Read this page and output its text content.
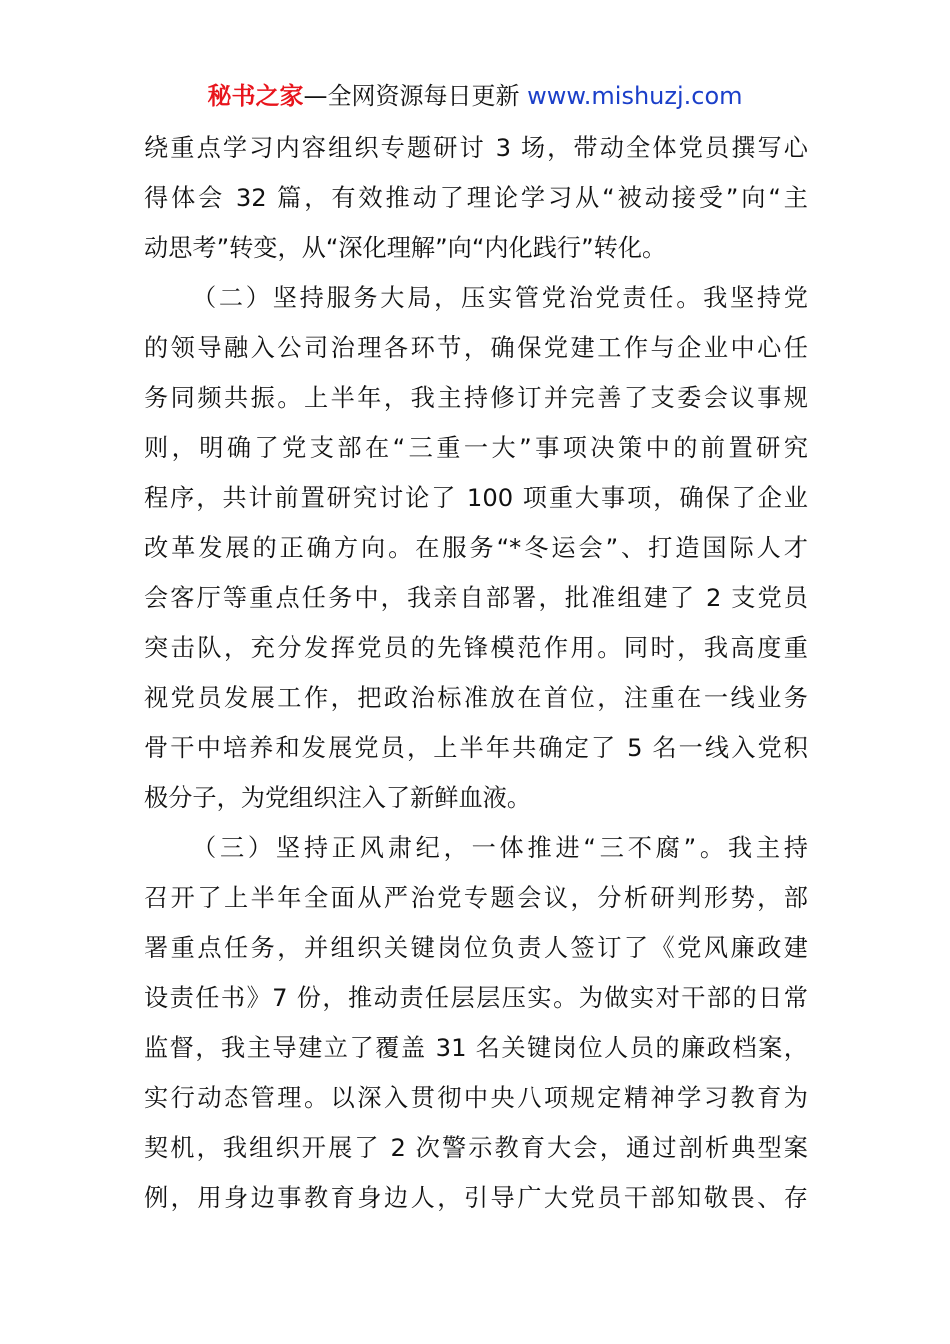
秘书之家—全网资源每日更新 www.mishuzj.com
绕重点学习内容组织专题研讨 3 场，带动全体党员撰写心
得体会 32 篇，有效推动了理论学习从“被动接受”向“主
动思考”转变，从“深化理解”向“内化践行”转化。
（二）坚持服务大局，压实管党治党责任。我坚持党
的领导融入公司治理各环节，确保党建工作与企业中心任
务同频共振。上半年，我主持修订并完善了支委会议事规
则，明确了党支部在“三重一大”事项决策中的前置研究
程序，共计前置研究讨论了 100 项重大事项，确保了企业
改革发展的正确方向。在服务“*冬运会”、打造国际人才
会客厅等重点任务中，我亲自部署，批准组建了 2 支党员
突击队，充分发挥党员的先锋模范作用。同时，我高度重
视党员发展工作，把政治标准放在首位，注重在一线业务
骨干中培养和发展党员，上半年共确定了 5 名一线入党积
极分子，为党组织注入了新鲜血液。
（三）坚持正风肃纪，一体推进“三不腐”。我主持
召开了上半年全面从严治党专题会议，分析研判形势，部
署重点任务，并组织关键岗位负责人签订了《党风廉政建
设责任书》7 份，推动责任层层压实。为做实对干部的日常
监督，我主导建立了覆盖 31 名关键岗位人员的廉政档案，
实行动态管理。以深入贯彻中央八项规定精神学习教育为
契机，我组织开展了 2 次警示教育大会，通过剖析典型案
例，用身边事教育身边人，引导广大党员干部知敬畏、存
